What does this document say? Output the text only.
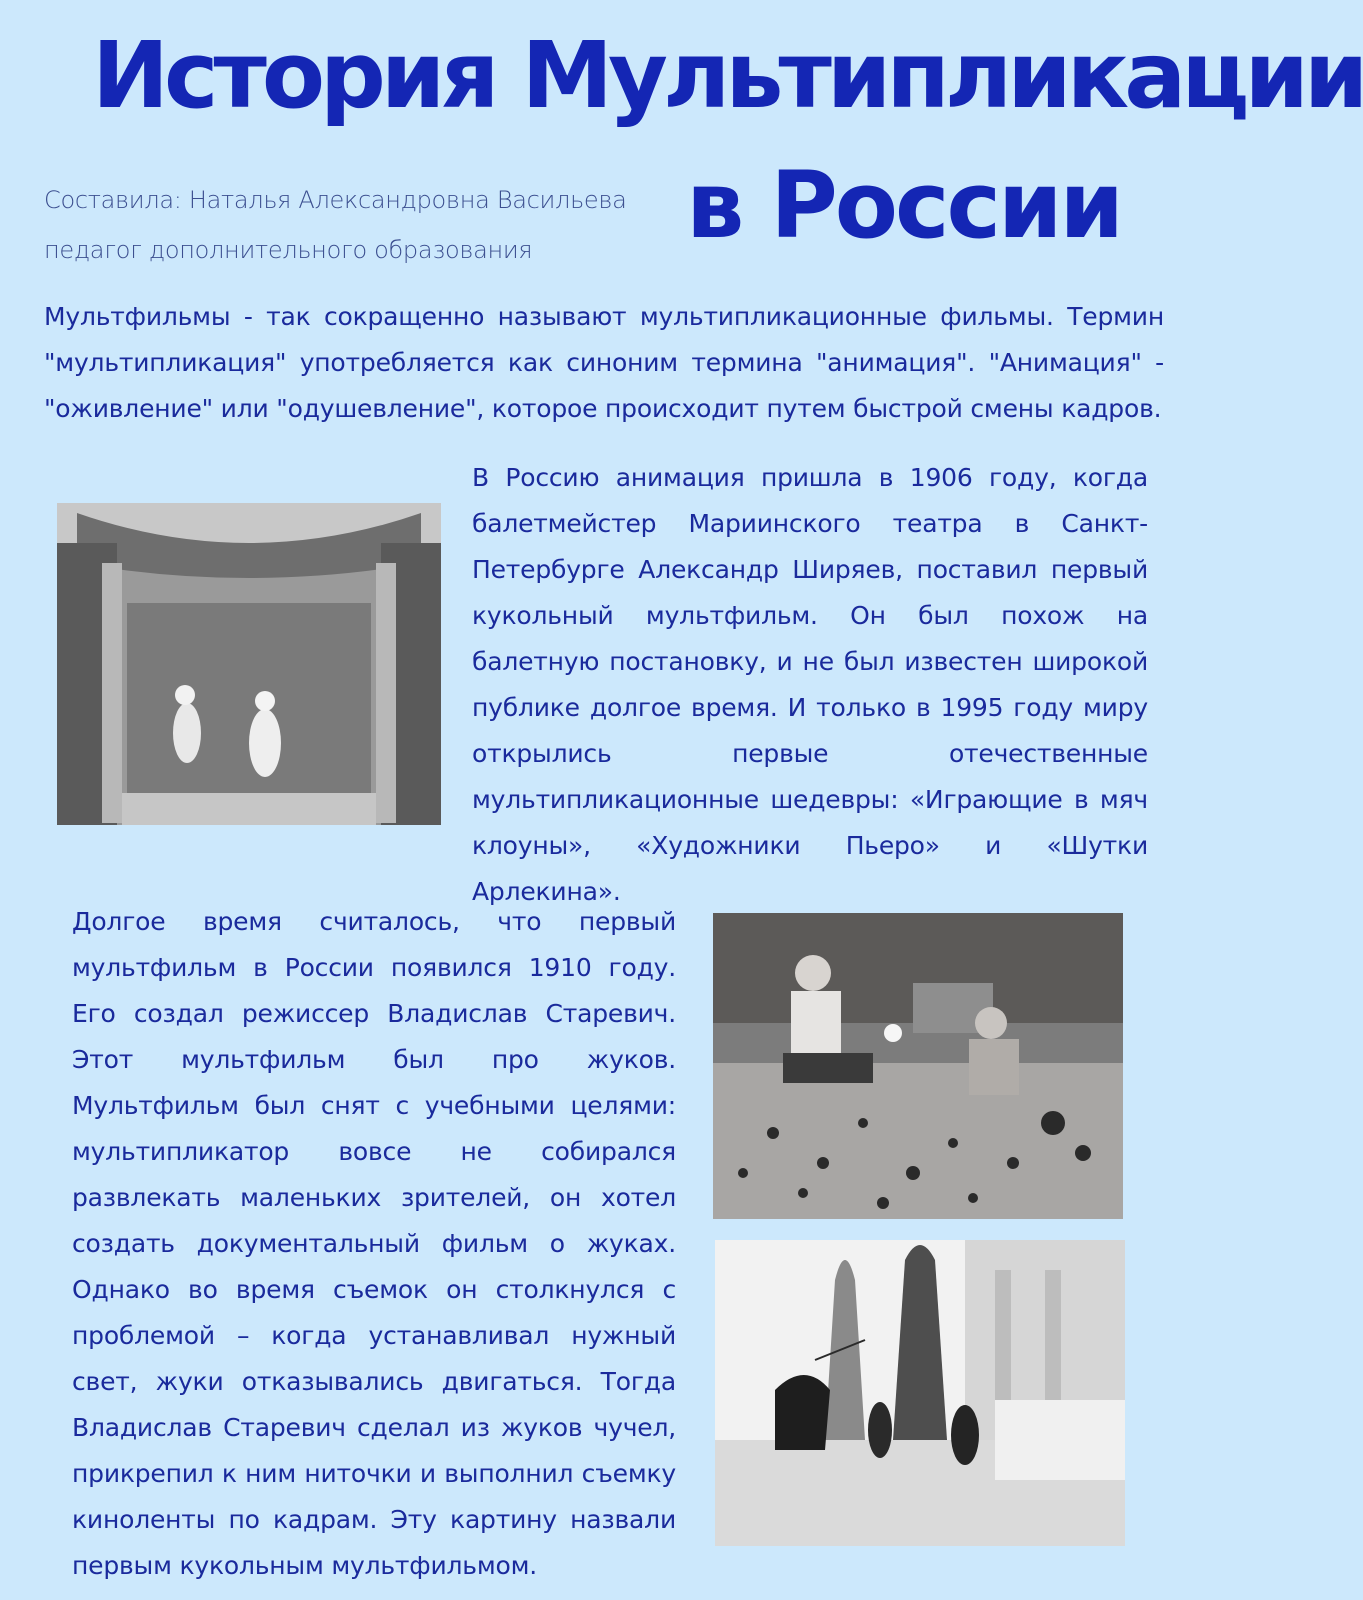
История Мультипликации
в России
Составила: Наталья Александровна Васильева
педагог дополнительного образования

Мультфильмы - так сокращенно называют мультипликационные фильмы. Термин "мультипликация" употребляется как синоним термина "анимация". "Анимация" - "оживление" или "одушевление", которое происходит путем быстрой смены кадров.

В Россию анимация пришла в 1906 году, когда балетмейстер Мариинского театра в Санкт-Петербурге Александр Ширяев, поставил первый кукольный мультфильм. Он был похож на балетную постановку, и не был известен широкой публике долгое время. И только в 1995 году миру открылись первые отечественные мультипликационные шедевры: «Играющие в мяч клоуны», «Художники Пьеро» и «Шутки Арлекина».

Долгое время считалось, что первый мультфильм в России появился 1910 году. Его создал режиссер Владислав Старевич. Этот мультфильм был про жуков. Мультфильм был снят с учебными целями: мультипликатор вовсе не собирался развлекать маленьких зрителей, он хотел создать документальный фильм о жуках. Однако во время съемок он столкнулся с проблемой – когда устанавливал нужный свет, жуки отказывались двигаться. Тогда Владислав Старевич сделал из жуков чучел, прикрепил к ним ниточки и выполнил съемку киноленты по кадрам. Эту картину назвали первым кукольным мультфильмом.
